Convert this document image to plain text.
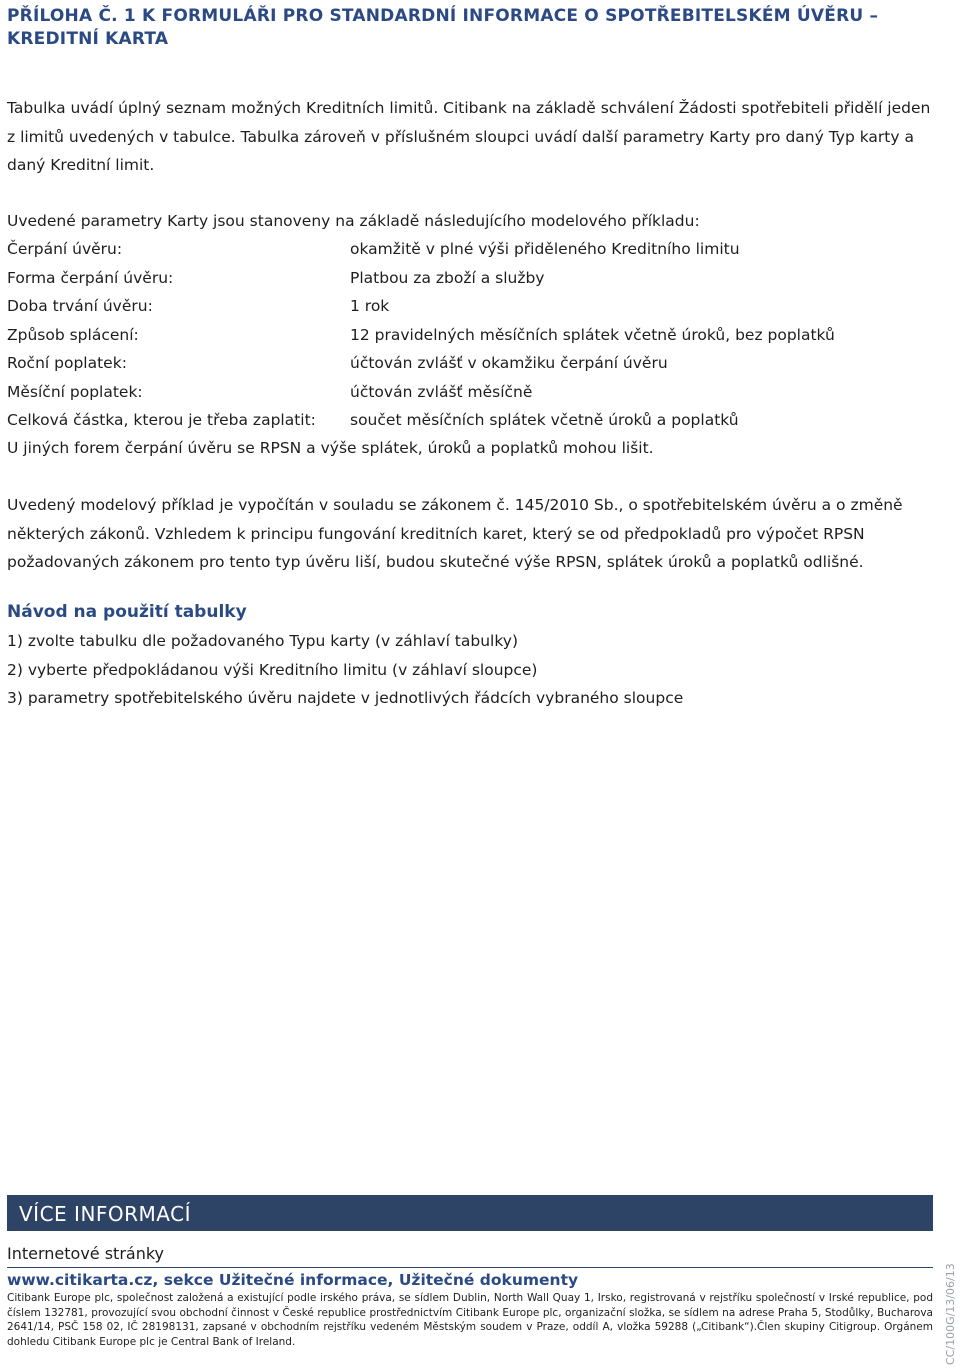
PŘÍLOHA Č. 1 K FORMULÁŘI PRO STANDARDNÍ INFORMACE O SPOTŘEBITELSKÉM ÚVĚRU – KREDITNÍ KARTA

Tabulka uvádí úplný seznam možných Kreditních limitů. Citibank na základě schválení Žádosti spotřebiteli přidělí jeden z limitů uvedených v tabulce. Tabulka zároveň v příslušném sloupci uvádí další parametry Karty pro daný Typ karty a daný Kreditní limit.

Uvedené parametry Karty jsou stanoveny na základě následujícího modelového příkladu:

Čerpání úvěru:	okamžitě v plné výši přiděleného Kreditního limitu
Forma čerpání úvěru:	Platbou za zboží a služby
Doba trvání úvěru:	1 rok
Způsob splácení:	12 pravidelných měsíčních splátek včetně úroků, bez poplatků
Roční poplatek:	účtován zvlášť v okamžiku čerpání úvěru
Měsíční poplatek:	účtován zvlášť měsíčně
Celková částka, kterou je třeba zaplatit:	součet měsíčních splátek včetně úroků a poplatků

U jiných forem čerpání úvěru se RPSN a výše splátek, úroků a poplatků mohou lišit.

Uvedený modelový příklad je vypočítán v souladu se zákonem č. 145/2010 Sb., o spotřebitelském úvěru a o změně některých zákonů. Vzhledem k principu fungování kreditních karet, který se od předpokladů pro výpočet RPSN požadovaných zákonem pro tento typ úvěru liší, budou skutečné výše RPSN, splátek úroků a poplatků odlišné.

Návod na použití tabulky

1) zvolte tabulku dle požadovaného Typu karty (v záhlaví tabulky)

2) vyberte předpokládanou výši Kreditního limitu (v záhlaví sloupce)

3) parametry spotřebitelského úvěru najdete v jednotlivých řádcích vybraného sloupce

VÍCE INFORMACÍ
Internetové stránky
www.citikarta.cz, sekce Užitečné informace, Užitečné dokumenty

Citibank Europe plc, společnost založená a existující podle irského práva, se sídlem Dublin, North Wall Quay 1, Irsko, registrovaná v rejstříku společností v Irské republice, pod číslem 132781, provozující svou obchodní činnost v České republice prostřednictvím Citibank Europe plc, organizační složka, se sídlem na adrese Praha 5, Stodůlky, Bucharova 2641/14, PSČ 158 02, IČ 28198131, zapsané v obchodním rejstříku vedeném Městským soudem v Praze, oddíl A, vložka 59288 („Citibank“).Člen skupiny Citigroup. Orgánem dohledu Citibank Europe plc je Central Bank of Ireland.	CC/100G/13/06/13
